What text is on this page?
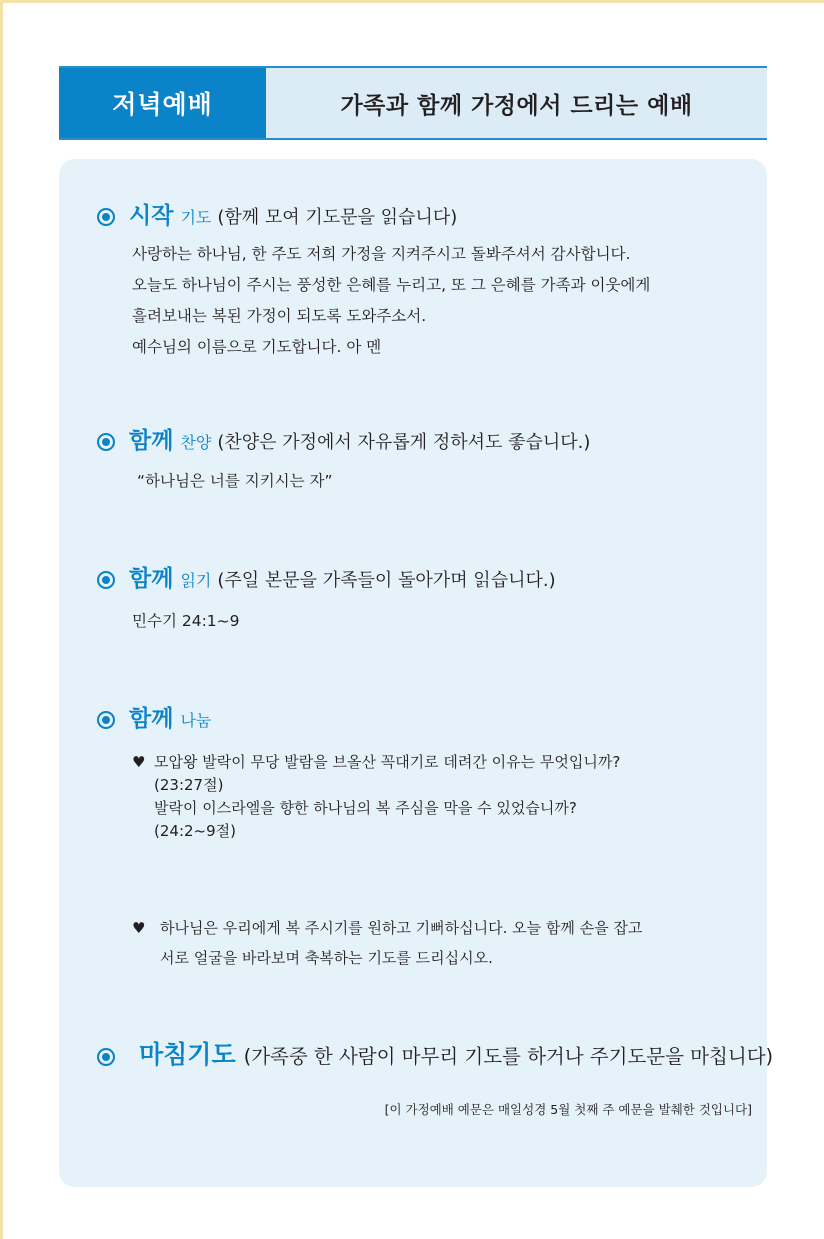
저녁예배	가족과 함께 가정에서 드리는 예배
시작 기도 (함께 모여 기도문을 읽습니다)

사랑하는 하나님, 한 주도 저희 가정을 지켜주시고 돌봐주셔서 감사합니다.

오늘도 하나님이 주시는 풍성한 은혜를 누리고, 또 그 은혜를 가족과 이웃에게

흘려보내는 복된 가정이 되도록 도와주소서.

예수님의 이름으로 기도합니다. 아 멘

함께 찬양 (찬양은 가정에서 자유롭게 정하셔도 좋습니다.)
“하나님은 너를 지키시는 자”
함께 읽기 (주일 본문을 가족들이 돌아가며 읽습니다.)
민수기 24:1~9
함께 나눔
♥ 모압왕 발락이 무당 발람을 브올산 꼭대기로 데려간 이유는 무엇입니까?
(23:27절)
발락이 이스라엘을 향한 하나님의 복 주심을 막을 수 있었습니까?
(24:2~9절)
♥ 하나님은 우리에게 복 주시기를 원하고 기뻐하십니다. 오늘 함께 손을 잡고
서로 얼굴을 바라보며 축복하는 기도를 드리십시오.
마침기도 (가족중 한 사람이 마무리 기도를 하거나 주기도문을 마칩니다)
[이 가정예배 예문은 매일성경 5월 첫째 주 예문을 발췌한 것입니다]
